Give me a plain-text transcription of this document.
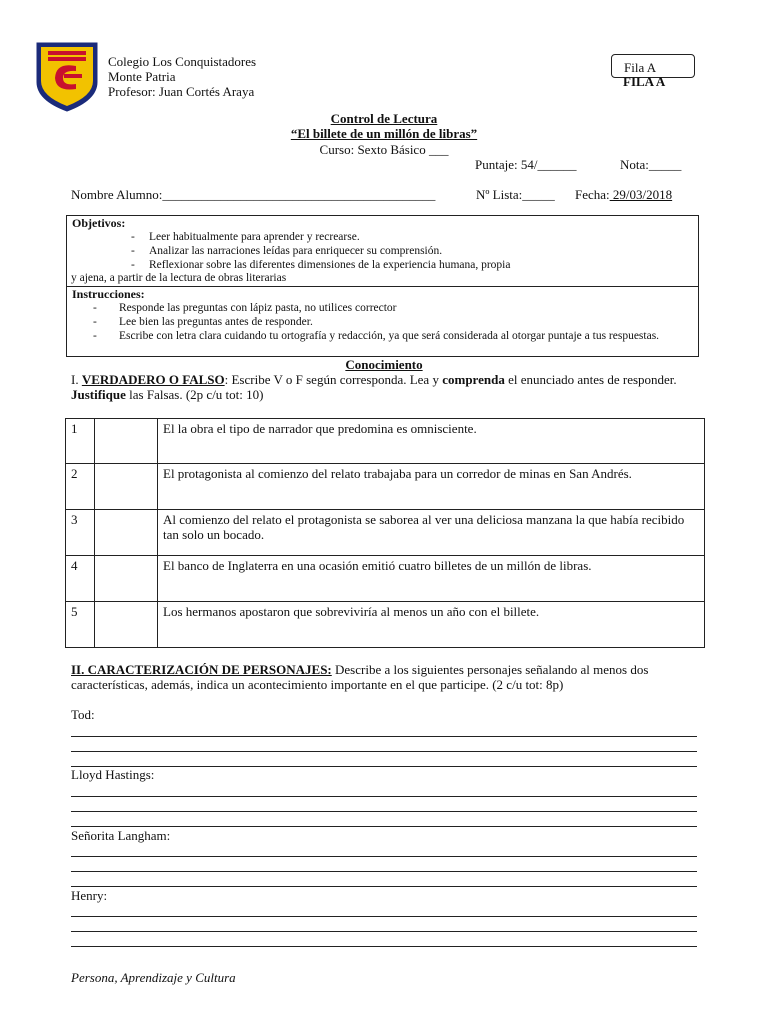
Colegio Los Conquistadores
Monte Patria
Profesor: Juan Cortés Araya
Fila A
FILA A
Control de Lectura
“El billete de un millón de libras”
Curso: Sexto Básico ___
Puntaje: 54/______	Nota:_____
Nombre Alumno:__________________________________________	Nº Lista:_____ Fecha: 29/03/2018
Objetivos:
- Leer habitualmente para aprender y recrearse.
- Analizar las narraciones leídas para enriquecer su comprensión.
- Reflexionar sobre las diferentes dimensiones de la experiencia humana, propia
y ajena, a partir de la lectura de obras literarias
Instrucciones:
- Responde las preguntas con lápiz pasta, no utilices corrector
- Lee bien las preguntas antes de responder.
- Escribe con letra clara cuidando tu ortografía y redacción, ya que será considerada al otorgar puntaje a tus respuestas.
Conocimiento
I. VERDADERO O FALSO: Escribe V o F según corresponda. Lea y comprenda el enunciado antes de responder. Justifique las Falsas. (2p c/u tot: 10)
1		El la obra el tipo de narrador que predomina es omnisciente.
2		El protagonista al comienzo del relato trabajaba para un corredor de minas en San Andrés.
3		Al comienzo del relato el protagonista se saborea al ver una deliciosa manzana la que había recibido tan solo un bocado.
4		El banco de Inglaterra en una ocasión emitió cuatro billetes de un millón de libras.
5		Los hermanos apostaron que sobreviviría al menos un año con el billete.
II. CARACTERIZACIÓN DE PERSONAJES: Describe a los siguientes personajes señalando al menos dos características, además, indica un acontecimiento importante en el que participe. (2 c/u tot: 8p)
Tod:
Lloyd Hastings:
Señorita Langham:
Henry:
Persona, Aprendizaje y Cultura
